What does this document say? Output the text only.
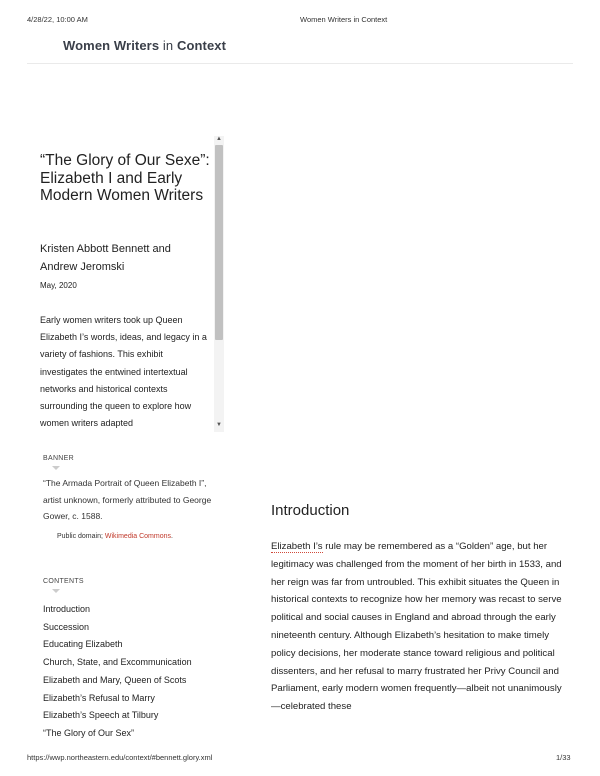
4/28/22, 10:00 AM	Women Writers in Context
Women Writers in Context
▲
▼
“The Glory of Our Sexe”: Elizabeth I and Early Modern Women Writers
Kristen Abbott Bennett and
Andrew Jeromski
May, 2020
Early women writers took up Queen Elizabeth I’s words, ideas, and legacy in a variety of fashions. This exhibit investigates the entwined intertextual networks and historical contexts surrounding the queen to explore how women writers adapted
BANNER
“The Armada Portrait of Queen Elizabeth I”, artist unknown, formerly attributed to George Gower, c. 1588.
Public domain; Wikimedia Commons.
CONTENTS
Introduction
Succession
Educating Elizabeth
Church, State, and Excommunication
Elizabeth and Mary, Queen of Scots
Elizabeth’s Refusal to Marry
Elizabeth’s Speech at Tilbury
“The Glory of Our Sex”
Introduction
Elizabeth I’s rule may be remembered as a “Golden” age, but her legitimacy was challenged from the moment of her birth in 1533, and her reign was far from untroubled. This exhibit situates the Queen in historical contexts to recognize how her memory was recast to serve political and social causes in England and abroad through the early nineteenth century. Although Elizabeth’s hesitation to make timely policy decisions, her moderate stance toward religious and political dissenters, and her refusal to marry frustrated her Privy Council and Parliament, early modern women frequently—albeit not unanimously—celebrated these
https://wwp.northeastern.edu/context/#bennett.glory.xml	1/33
